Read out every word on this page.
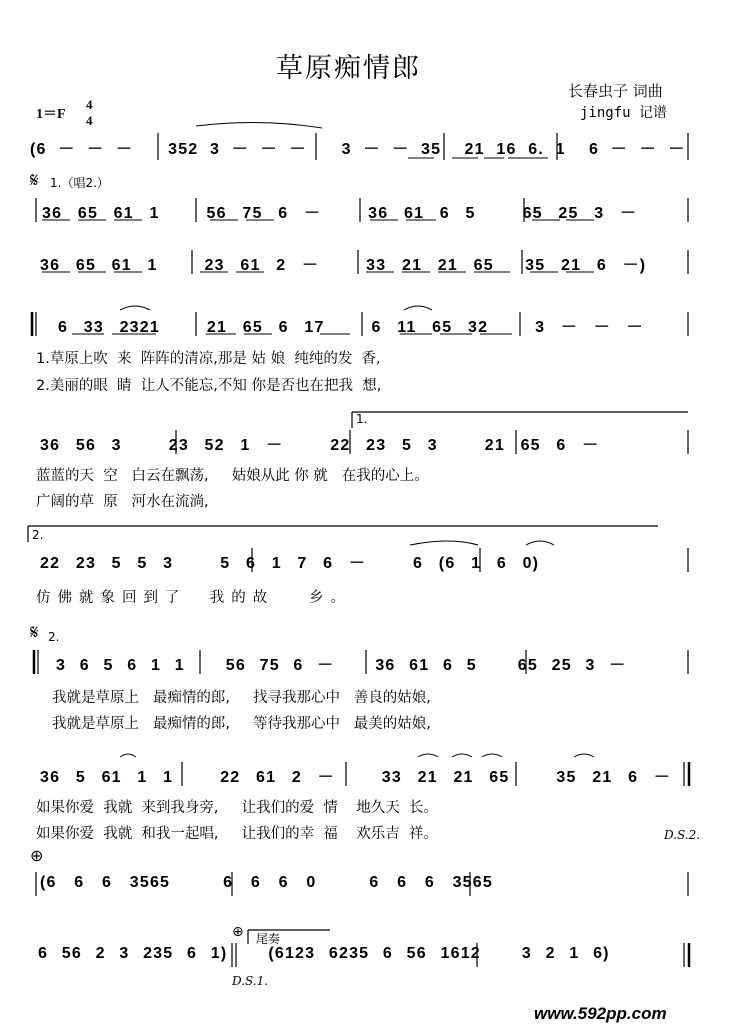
草原痴情郎
长春虫子 词曲
jingfu 记谱
1＝F
4
4
(6 － － －   352 3 － － －   3 － － 35  21 16 6. 1  6 － － －
𝄋 1.（唱2.）
36 65 61 1   56 75 6 －   36 61 6 5   65 25 3 －
36 65 61 1   23 61 2 －   33 21 21 65  35 21 6 －)
6 33 2321   21 65 6 17   6 11 65 32   3 － － －
1.草原上吹  来  阵阵的清凉,那是 姑 娘  纯纯的发  香,
2.美丽的眼  睛  让人不能忘,不知 你是否也在把我  想,
1.
36 56 3   23 52 1 －   22 23 5 3   21 65 6 －
蓝蓝的天  空   白云在飘荡,     姑娘从此 你 就   在我的心上。
广阔的草  原   河水在流淌,
2.
22 23 5 5 3   5 6 1 7 6 －   6 (6 1 6 0)
仿佛就象回到了  我的故   乡。
𝄋 2.
3 6 5 6 1 1   56 75 6 －   36 61 6 5   65 25 3 －
我就是草原上   最痴情的郎,     找寻我那心中   善良的姑娘,
我就是草原上   最痴情的郎,     等待我那心中   最美的姑娘,
36 5 61 1 1   22 61 2 －   33 21 21 65   35 21 6 －
如果你爱  我就  来到我身旁,     让我们的爱  情    地久天  长。
如果你爱  我就  和我一起唱,     让我们的幸  福    欢乐吉  祥。	D.S.2.
⊕
(6 6 6 3565   6 6 6 0   6 6 6 3565
⊕ 尾奏
6 56 2 3 235 6 1)   (6123 6235 6 56 1612   3 2 1 6)
D.S.1.
www.592pp.com
